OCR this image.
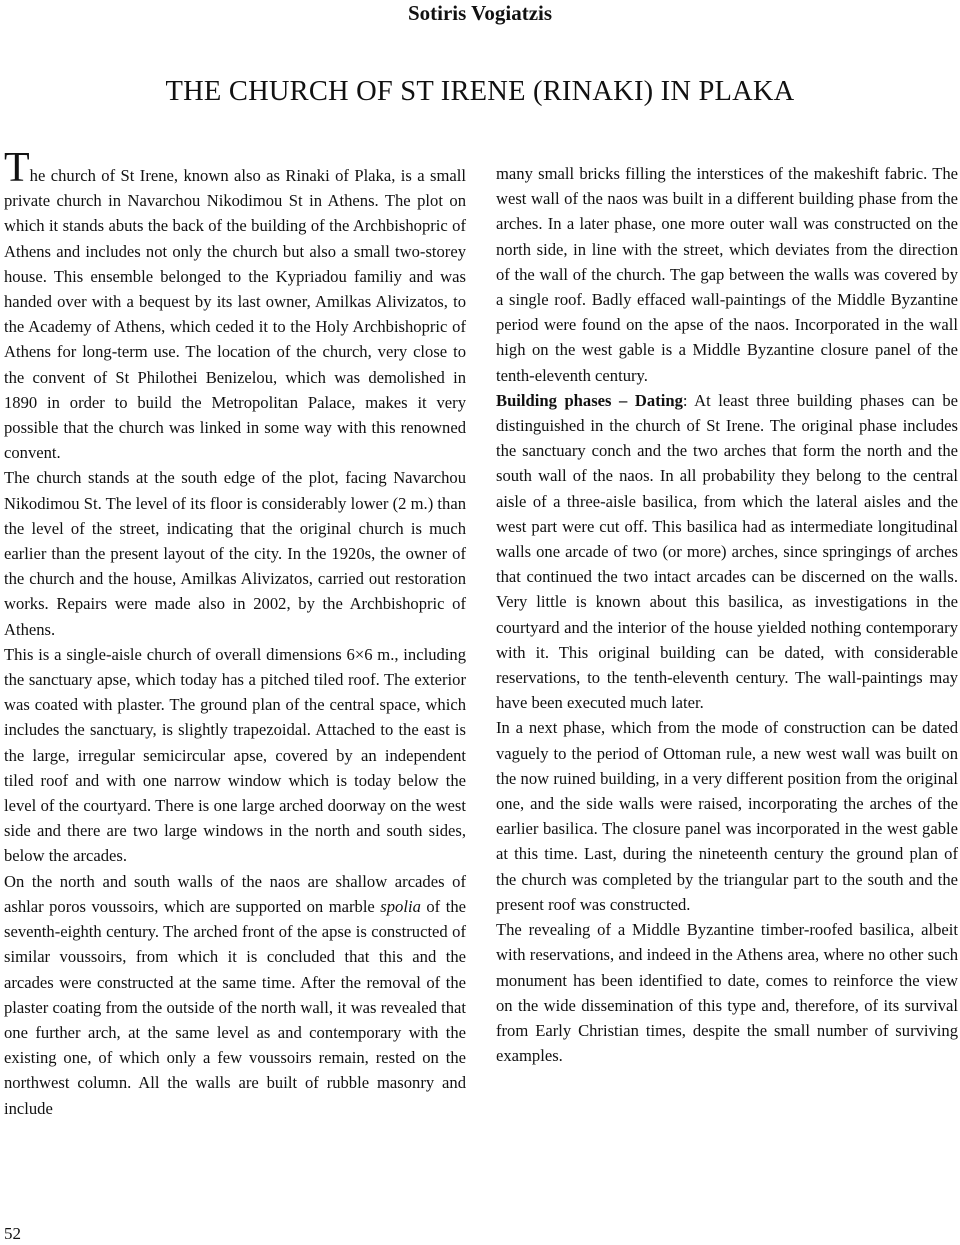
Sotiris Vogiatzis
THE CHURCH OF ST IRENE (RINAKI) IN PLAKA

The church of St Irene, known also as Rinaki of Plaka, is a small private church in Navarchou Nikodimou St in Athens. The plot on which it stands abuts the back of the building of the Archbishopric of Athens and includes not only the church but also a small two-storey house. This ensemble belonged to the Kypriadou familiy and was handed over with a bequest by its last owner, Amilkas Alivizatos, to the Academy of Athens, which ceded it to the Holy Archbishopric of Athens for long-term use. The location of the church, very close to the convent of St Philothei Benizelou, which was demolished in 1890 in order to build the Metropolitan Palace, makes it very possible that the church was linked in some way with this renowned convent.

The church stands at the south edge of the plot, facing Navarchou Nikodimou St. The level of its floor is considerably lower (2 m.) than the level of the street, indicating that the original church is much earlier than the present layout of the city. In the 1920s, the owner of the church and the house, Amilkas Alivizatos, carried out restoration works. Repairs were made also in 2002, by the Archbishopric of Athens.

This is a single-aisle church of overall dimensions 6×6 m., including the sanctuary apse, which today has a pitched tiled roof. The exterior was coated with plaster. The ground plan of the central space, which includes the sanctuary, is slightly trapezoidal. Attached to the east is the large, irregular semicircular apse, covered by an independent tiled roof and with one narrow window which is today below the level of the courtyard. There is one large arched doorway on the west side and there are two large windows in the north and south sides, below the arcades.

On the north and south walls of the naos are shallow arcades of ashlar poros voussoirs, which are supported on marble spolia of the seventh-eighth century. The arched front of the apse is constructed of similar voussoirs, from which it is concluded that this and the arcades were constructed at the same time. After the removal of the plaster coating from the outside of the north wall, it was revealed that one further arch, at the same level as and contemporary with the existing one, of which only a few voussoirs remain, rested on the northwest column. All the walls are built of rubble masonry and include

many small bricks filling the interstices of the makeshift fabric. The west wall of the naos was built in a different building phase from the arches. In a later phase, one more outer wall was constructed on the north side, in line with the street, which deviates from the direction of the wall of the church. The gap between the walls was covered by a single roof. Badly effaced wall-paintings of the Middle Byzantine period were found on the apse of the naos. Incorporated in the wall high on the west gable is a Middle Byzantine closure panel of the tenth-eleventh century.

Building phases – Dating: At least three building phases can be distinguished in the church of St Irene. The original phase includes the sanctuary conch and the two arches that form the north and the south wall of the naos. In all probability they belong to the central aisle of a three-aisle basilica, from which the lateral aisles and the west part were cut off. This basilica had as intermediate longitudinal walls one arcade of two (or more) arches, since springings of arches that continued the two intact arcades can be discerned on the walls. Very little is known about this basilica, as investigations in the courtyard and the interior of the house yielded nothing contemporary with it. This original building can be dated, with considerable reservations, to the tenth-eleventh century. The wall-paintings may have been executed much later.

In a next phase, which from the mode of construction can be dated vaguely to the period of Ottoman rule, a new west wall was built on the now ruined building, in a very different position from the original one, and the side walls were raised, incorporating the arches of the earlier basilica. The closure panel was incorporated in the west gable at this time. Last, during the nineteenth century the ground plan of the church was completed by the triangular part to the south and the present roof was constructed.

The revealing of a Middle Byzantine timber-roofed basilica, albeit with reservations, and indeed in the Athens area, where no other such monument has been identified to date, comes to reinforce the view on the wide dissemination of this type and, therefore, of its survival from Early Christian times, despite the small number of surviving examples.

52
